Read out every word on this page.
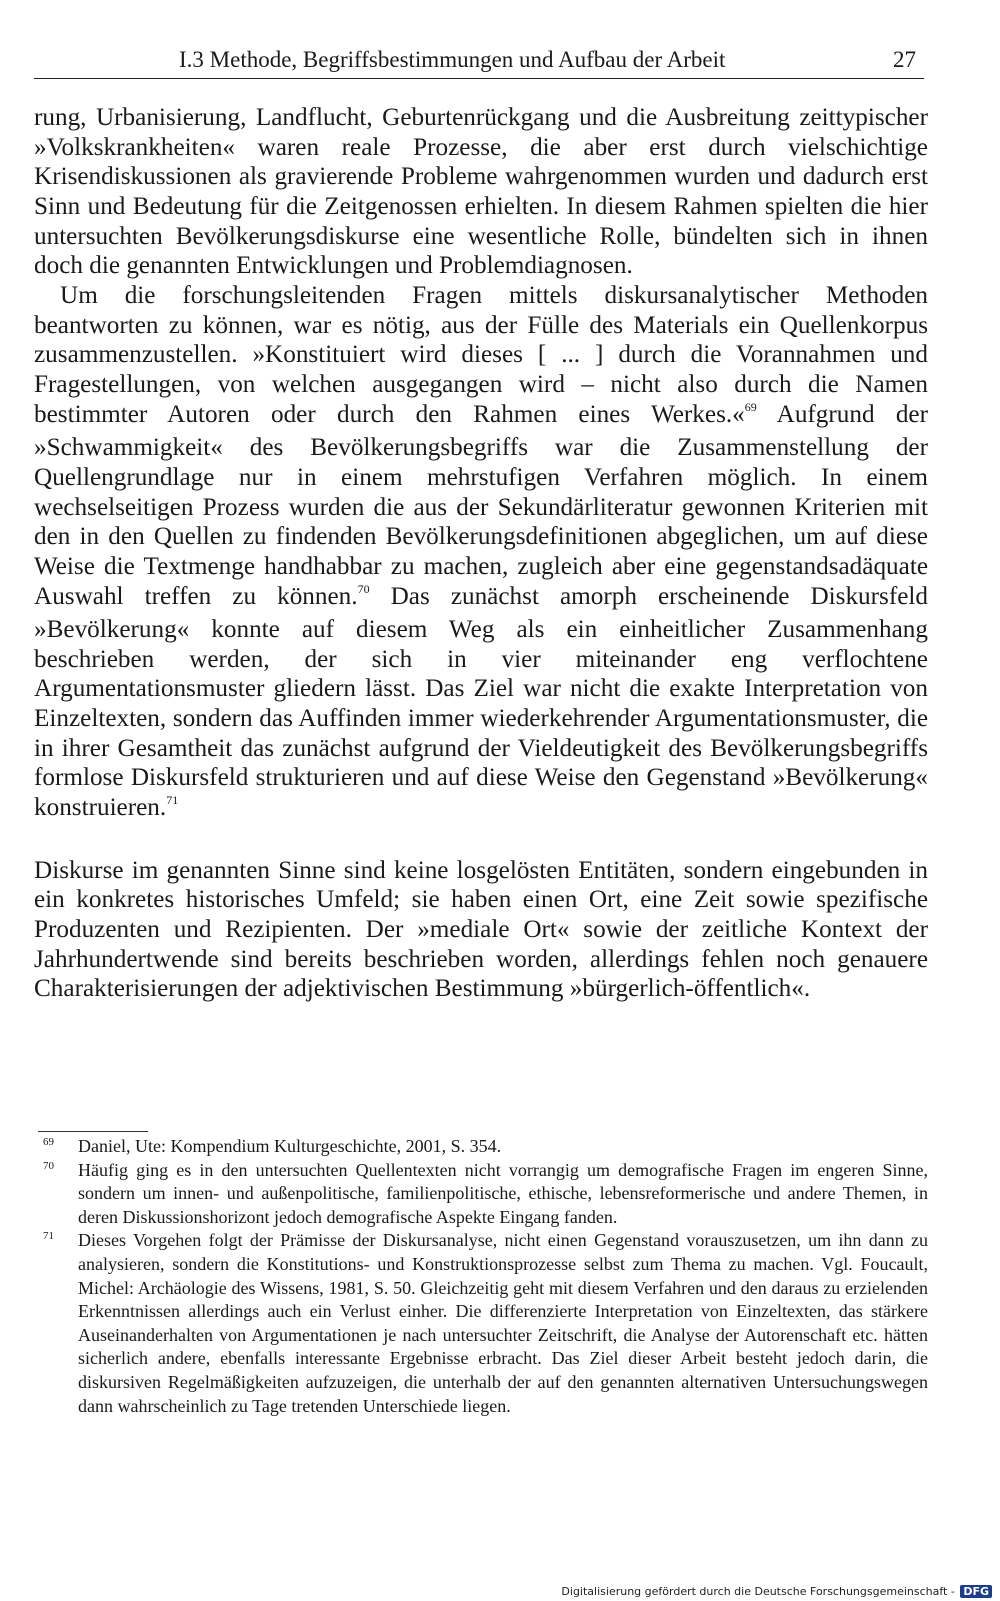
I.3 Methode, Begriffsbestimmungen und Aufbau der Arbeit	27

rung, Urbanisierung, Landflucht, Geburtenrückgang und die Ausbreitung zeittypischer »Volkskrankheiten« waren reale Prozesse, die aber erst durch vielschichtige Krisendiskussionen als gravierende Probleme wahrgenommen wurden und dadurch erst Sinn und Bedeutung für die Zeitgenossen erhielten. In diesem Rahmen spielten die hier untersuchten Bevölkerungsdiskurse eine wesentliche Rolle, bündelten sich in ihnen doch die genannten Entwicklungen und Problemdiagnosen.

Um die forschungsleitenden Fragen mittels diskursanalytischer Methoden beantworten zu können, war es nötig, aus der Fülle des Materials ein Quellenkorpus zusammenzustellen. »Konstituiert wird dieses [ ... ] durch die Vorannahmen und Fragestellungen, von welchen ausgegangen wird – nicht also durch die Namen bestimmter Autoren oder durch den Rahmen eines Werkes.«$^{69}$ Aufgrund der »Schwammigkeit« des Bevölkerungsbegriffs war die Zusammenstellung der Quellengrundlage nur in einem mehrstufigen Verfahren möglich. In einem wechselseitigen Prozess wurden die aus der Sekundärliteratur gewonnen Kriterien mit den in den Quellen zu findenden Bevölkerungsdefinitionen abgeglichen, um auf diese Weise die Textmenge handhabbar zu machen, zugleich aber eine gegenstandsadäquate Auswahl treffen zu können.$^{70}$ Das zunächst amorph erscheinende Diskursfeld »Bevölkerung« konnte auf diesem Weg als ein einheitlicher Zusammenhang beschrieben werden, der sich in vier miteinander eng verflochtene Argumentationsmuster gliedern lässt. Das Ziel war nicht die exakte Interpretation von Einzeltexten, sondern das Auffinden immer wiederkehrender Argumentationsmuster, die in ihrer Gesamtheit das zunächst aufgrund der Vieldeutigkeit des Bevölkerungsbegriffs formlose Diskursfeld strukturieren und auf diese Weise den Gegenstand »Bevölkerung« konstruieren.$^{71}$

Diskurse im genannten Sinne sind keine losgelösten Entitäten, sondern eingebunden in ein konkretes historisches Umfeld; sie haben einen Ort, eine Zeit sowie spezifische Produzenten und Rezipienten. Der »mediale Ort« sowie der zeitliche Kontext der Jahrhundertwende sind bereits beschrieben worden, allerdings fehlen noch genauere Charakterisierungen der adjektivischen Bestimmung »bürgerlich-öffentlich«.

69 Daniel, Ute: Kompendium Kulturgeschichte, 2001, S. 354.
70 Häufig ging es in den untersuchten Quellentexten nicht vorrangig um demografische Fragen im engeren Sinne, sondern um innen- und außenpolitische, familienpolitische, ethische, lebensreformerische und andere Themen, in deren Diskussionshorizont jedoch demografische Aspekte Eingang fanden.
71 Dieses Vorgehen folgt der Prämisse der Diskursanalyse, nicht einen Gegenstand vorauszusetzen, um ihn dann zu analysieren, sondern die Konstitutions- und Konstruktionsprozesse selbst zum Thema zu machen. Vgl. Foucault, Michel: Archäologie des Wissens, 1981, S. 50. Gleichzeitig geht mit diesem Verfahren und den daraus zu erzielenden Erkenntnissen allerdings auch ein Verlust einher. Die differenzierte Interpretation von Einzeltexten, das stärkere Auseinanderhalten von Argumentationen je nach untersuchter Zeitschrift, die Analyse der Autorenschaft etc. hätten sicherlich andere, ebenfalls interessante Ergebnisse erbracht. Das Ziel dieser Arbeit besteht jedoch darin, die diskursiven Regelmäßigkeiten aufzuzeigen, die unterhalb der auf den genannten alternativen Untersuchungswegen dann wahrscheinlich zu Tage tretenden Unterschiede liegen.
Digitalisierung gefördert durch die Deutsche Forschungsgemeinschaft - DFG
